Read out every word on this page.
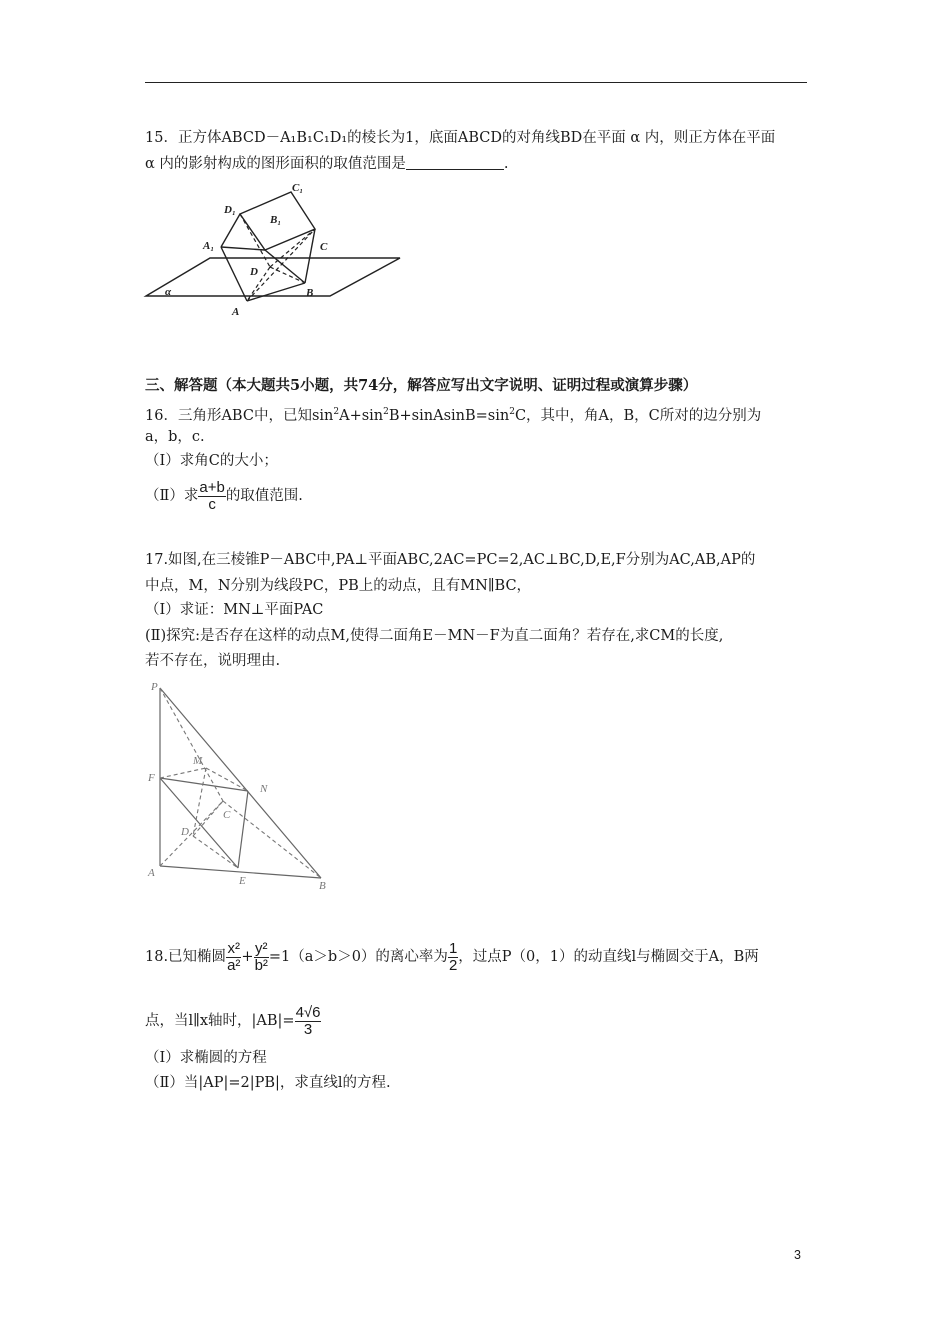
15．正方体ABCD－A₁B₁C₁D₁的棱长为1，底面ABCD的对角线BD在平面 α 内，则正方体在平面
α 内的影射构成的图形面积的取值范围是	.
C₁
D₁
B₁
A₁	C
D
B
α
A
三、解答题（本大题共5小题，共74分，解答应写出文字说明、证明过程或演算步骤）
16．三角形ABC中，已知$\sin^2A+\sin^2B+sinAsinB=\sin^2C$，其中，角A，B，C所对的边分别为
a，b，c.
（Ⅰ）求角C的大小；
（Ⅱ）求 $\frac{a+b}{c}$ 的取值范围.
17.如图,在三棱锥P－ABC中,PA⊥平面ABC,2AC=PC=2,AC⊥BC,D,E,F分别为AC,AB,AP的
中点，M，N分别为线段PC，PB上的动点，且有MN∥BC，
（Ⅰ）求证：MN⊥平面PAC
(Ⅱ)探究:是否存在这样的动点M,使得二面角E－MN－F为直二面角？若存在,求CM的长度,
若不存在，说明理由.
P
F
M
N
D
C
A
E	B
18.已知椭圆 $\frac{\text{x²}}{\text{a²}} + \frac{\text{y²}}{\text{b²}} =1(a>b>0)$的离心率为 $\frac{1}{2}$ ，过点P（0，1）的动直线l与椭圆交于A，B两
点，当l∥x轴时，$|AB|= \frac{4√6}{3}$
（Ⅰ）求椭圆的方程
（Ⅱ）当|AP|=2|PB|，求直线l的方程.
3
